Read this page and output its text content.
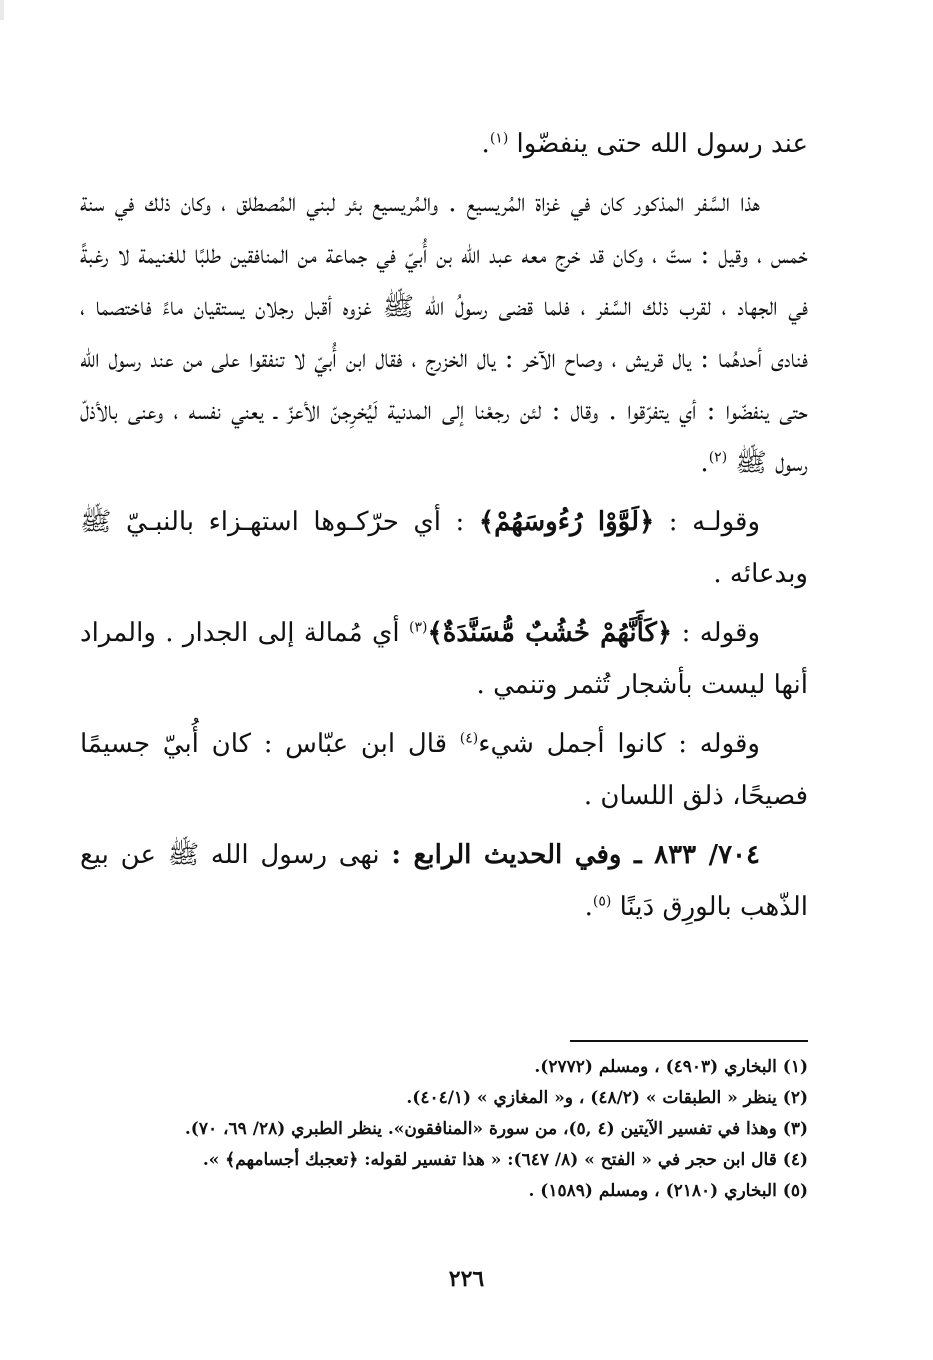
عند رسول الله حتى ينفضّوا $^{(١)}$.

هذا السَّفر المذكور كان في غزاة المُريسيع . والمُريسيع بئر لبني المُصطلق ، وكان ذلك في سنة خمس ، وقيل : ستّ ، وكان قد خرج معه عبد الله بن أُبيّ في جماعة من المنافقين طلبًا للغنيمة لا رغبةً في الجهاد ، لقرب ذلك السَّفر ، فلما قضى رسولُ الله ﷺ غزوه أقبل رجلان يستقيان ماءً فاختصما ، فنادى أحدهُما : يال قريش ، وصاح الآخر : يال الخزرج ، فقال ابن أُبيّ لا تنفقوا على من عند رسول الله حتى ينفضّوا : أي يتفرّقوا . وقال : لئن رجعْنا إلى المدنية لَيُخرِجنّ الأعزّ ـ يعني نفسه ، وعنى بالأذلّ رسول ﷺ $^{(٢)}$.

وقولـه : ﴿لَوَّوْا رُءُوسَهُمْ﴾ : أي حرّكـوها استهـزاء بالنبـيّ ﷺ وبدعائه .

وقوله : ﴿كَأَنَّهُمْ خُشُبٌ مُّسَنَّدَةٌ﴾$^{(٣)}$ أي مُمالة إلى الجدار . والمراد أنها ليست بأشجار تُثمر وتنمي .

وقوله : كانوا أجمل شيء$^{(٤)}$ قال ابن عبّاس : كان أُبيّ جسيمًا فصيحًا، ذلق اللسان .

٧٠٤/ ٨٣٣ ـ وفي الحديث الرابع : نهى رسول الله ﷺ عن بيع الذّهب بالورِق دَينًا $^{(٥)}$.

(١) البخاري (٤٩٠٣) ، ومسلم (٢٧٧٢).

(٢) ينظر « الطبقات » (٤٨/٢) ، و« المغازي » (٤٠٤/١).

(٣) وهذا في تفسير الآيتين (٤ ,٥)، من سورة «المنافقون». ينظر الطبري (٢٨/ ٦٩، ٧٠).

(٤) قال ابن حجر في « الفتح » (٨/ ٦٤٧): « هذا تفسير لقوله: ﴿تعجبك أجسامهم﴾ ».

(٥) البخاري (٢١٨٠) ، ومسلم (١٥٨٩) .

٢٢٦
